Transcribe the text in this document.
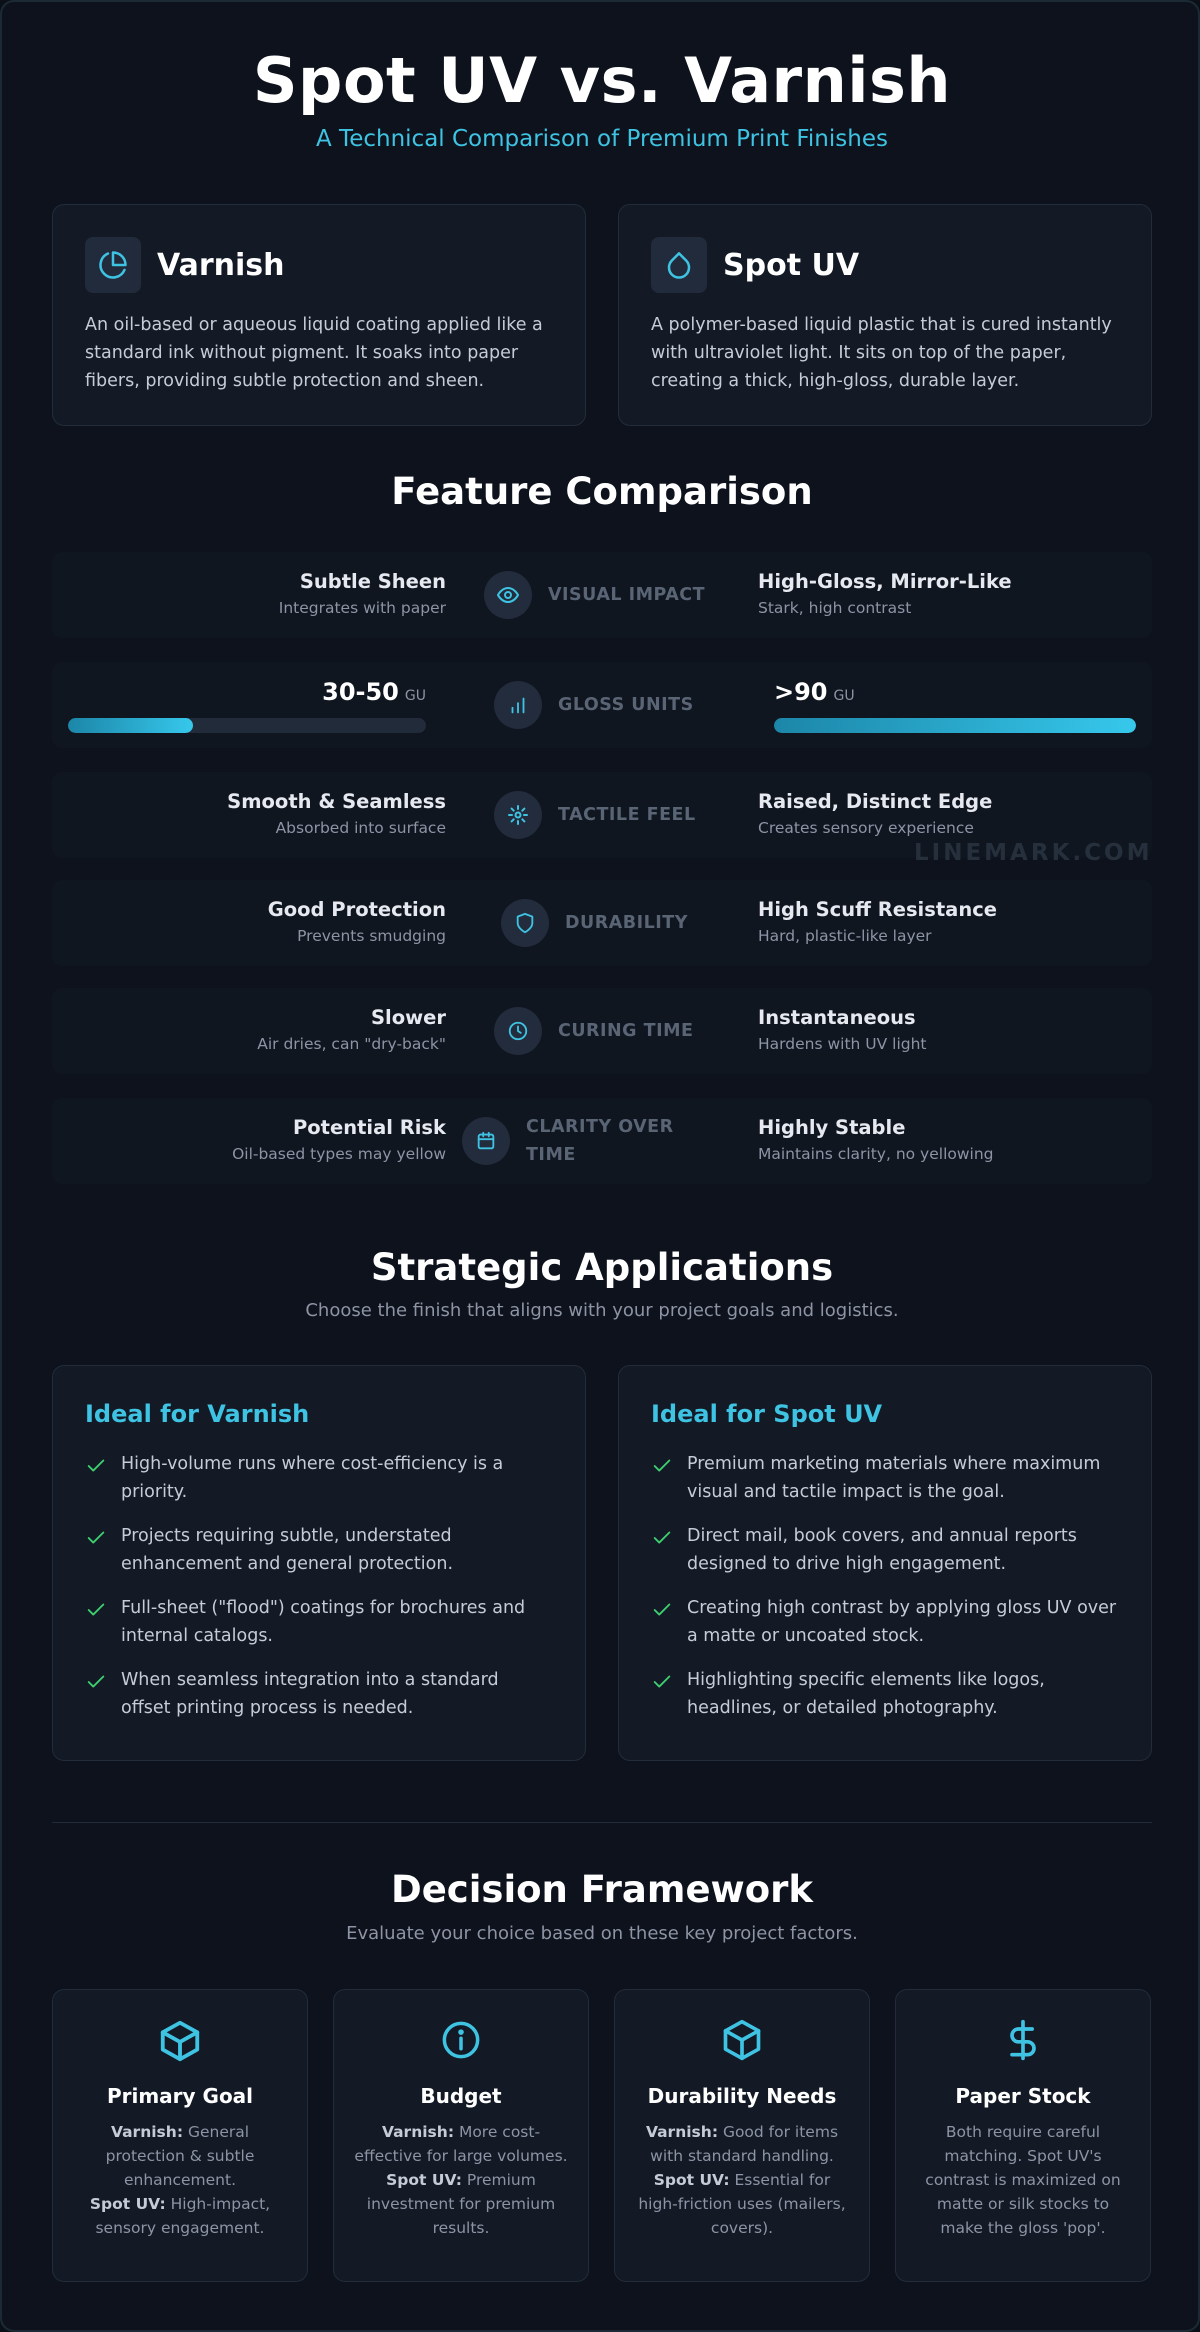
Spot UV vs. Varnish
A Technical Comparison of Premium Print Finishes
Varnish

An oil-based or aqueous liquid coating applied like a standard ink without pigment. It soaks into paper fibers, providing subtle protection and sheen.

Spot UV

A polymer-based liquid plastic that is cured instantly with ultraviolet light. It sits on top of the paper, creating a thick, high-gloss, durable layer.

Feature Comparison
Subtle Sheen
Integrates with paper
VISUAL IMPACT
High-Gloss, Mirror-Like
Stark, high contrast
30-50 GU	GLOSS UNITS	>90 GU
Smooth & Seamless
Absorbed into surface
TACTILE FEEL
Raised, Distinct Edge
Creates sensory experience
LINEMARK.COM
Good Protection
Prevents smudging
DURABILITY
High Scuff Resistance
Hard, plastic-like layer
Slower
Air dries, can "dry-back"
CURING TIME
Instantaneous
Hardens with UV light
Potential Risk
Oil-based types may yellow
CLARITY OVER TIME
Highly Stable
Maintains clarity, no yellowing
Strategic Applications
Choose the finish that aligns with your project goals and logistics.
Ideal for Varnish
High-volume runs where cost-efficiency is a priority.
Projects requiring subtle, understated enhancement and general protection.
Full-sheet ("flood") coatings for brochures and internal catalogs.
When seamless integration into a standard offset printing process is needed.
Ideal for Spot UV
Premium marketing materials where maximum visual and tactile impact is the goal.
Direct mail, book covers, and annual reports designed to drive high engagement.
Creating high contrast by applying gloss UV over a matte or uncoated stock.
Highlighting specific elements like logos, headlines, or detailed photography.
Decision Framework
Evaluate your choice based on these key project factors.
Primary Goal
Varnish: General protection & subtle enhancement.
Spot UV: High-impact, sensory engagement.
Budget
Varnish: More cost-effective for large volumes.
Spot UV: Premium investment for premium results.
Durability Needs
Varnish: Good for items with standard handling.
Spot UV: Essential for high-friction uses (mailers, covers).
Paper Stock
Both require careful matching. Spot UV's contrast is maximized on matte or silk stocks to make the gloss 'pop'.
